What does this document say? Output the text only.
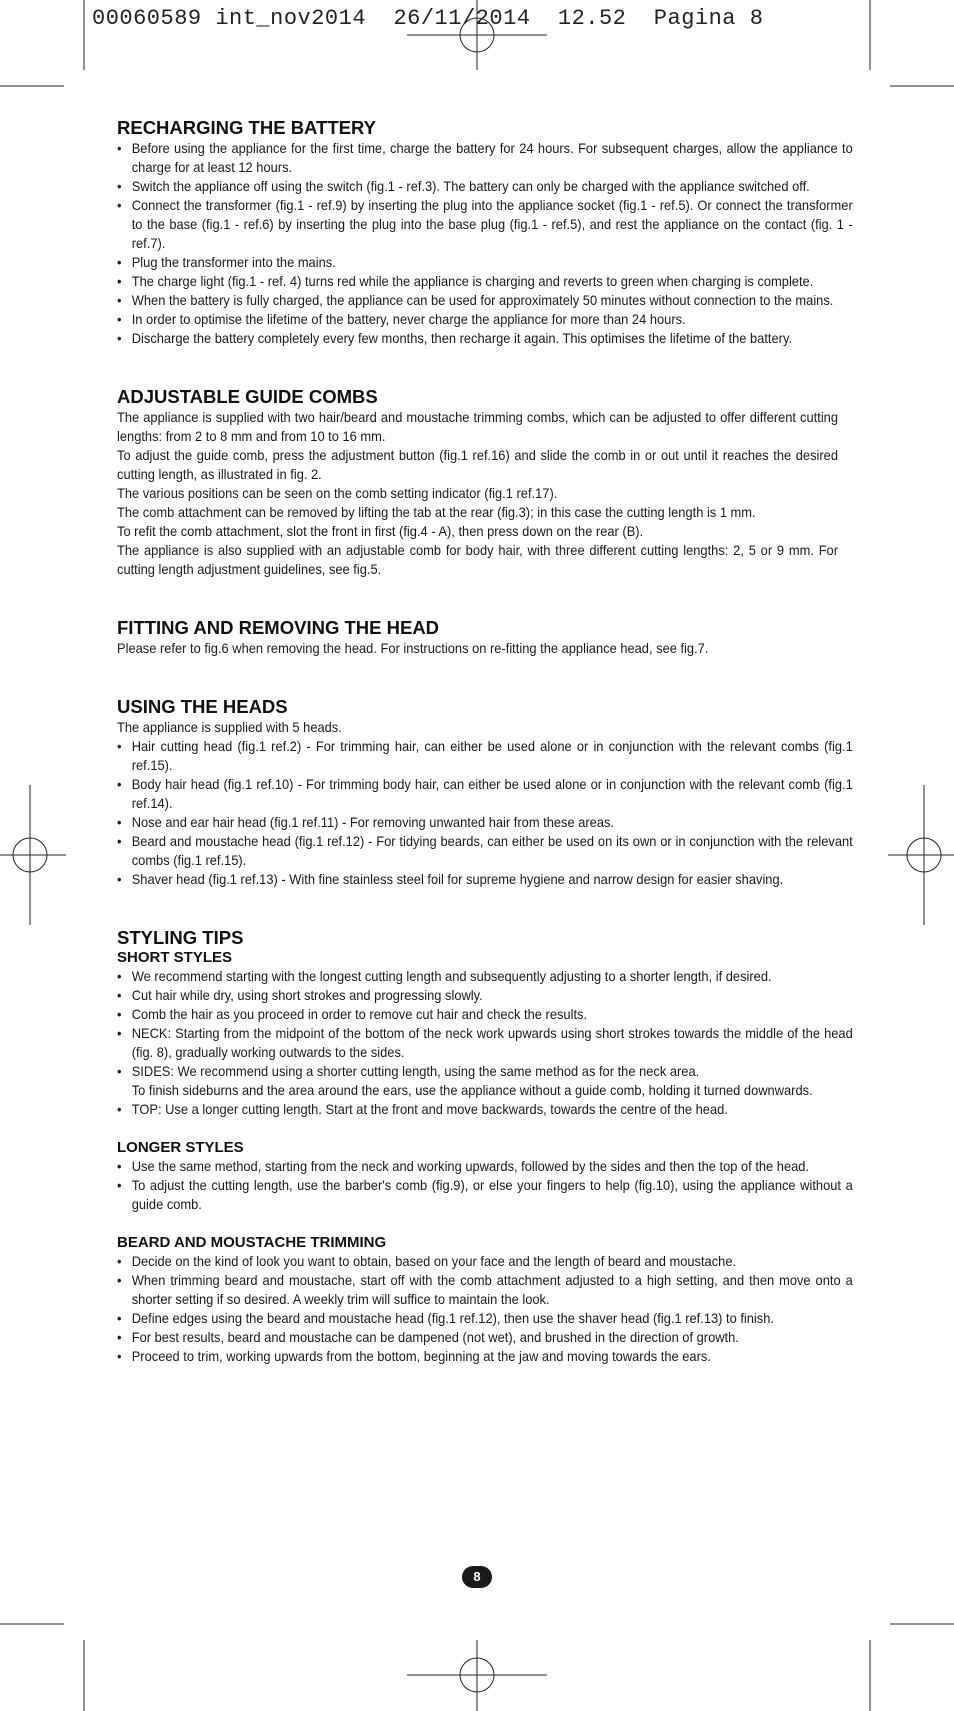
00060589 int_nov2014  26/11/2014  12.52  Pagina 8
RECHARGING THE BATTERY
• Before using the appliance for the first time, charge the battery for 24 hours. For subsequent charges, allow the appliance to charge for at least 12 hours.
• Switch the appliance off using the switch (fig.1 - ref.3). The battery can only be charged with the appliance switched off.
• Connect the transformer (fig.1 - ref.9) by inserting the plug into the appliance socket (fig.1 - ref.5). Or connect the transformer to the base (fig.1 - ref.6) by inserting the plug into the base plug (fig.1 - ref.5), and rest the appliance on the contact (fig. 1 - ref.7).
• Plug the transformer into the mains.
• The charge light (fig.1 - ref. 4) turns red while the appliance is charging and reverts to green when charging is complete.
• When the battery is fully charged, the appliance can be used for approximately 50 minutes without connection to the mains.
• In order to optimise the lifetime of the battery, never charge the appliance for more than 24 hours.
• Discharge the battery completely every few months, then recharge it again. This optimises the lifetime of the battery.
ADJUSTABLE GUIDE COMBS

The appliance is supplied with two hair/beard and moustache trimming combs, which can be adjusted to offer different cutting lengths: from 2 to 8 mm and from 10 to 16 mm.

To adjust the guide comb, press the adjustment button (fig.1 ref.16) and slide the comb in or out until it reaches the desired cutting length, as illustrated in fig. 2.

The various positions can be seen on the comb setting indicator (fig.1 ref.17).

The comb attachment can be removed by lifting the tab at the rear (fig.3); in this case the cutting length is 1 mm.

To refit the comb attachment, slot the front in first (fig.4 - A), then press down on the rear (B).

The appliance is also supplied with an adjustable comb for body hair, with three different cutting lengths: 2, 5 or 9 mm. For cutting length adjustment guidelines, see fig.5.

FITTING AND REMOVING THE HEAD

Please refer to fig.6 when removing the head. For instructions on re-fitting the appliance head, see fig.7.

USING THE HEADS

The appliance is supplied with 5 heads.

• Hair cutting head (fig.1 ref.2) - For trimming hair, can either be used alone or in conjunction with the relevant combs (fig.1 ref.15).
• Body hair head (fig.1 ref.10) - For trimming body hair, can either be used alone or in conjunction with the relevant comb (fig.1 ref.14).
• Nose and ear hair head (fig.1 ref.11) - For removing unwanted hair from these areas.
• Beard and moustache head (fig.1 ref.12) - For tidying beards, can either be used on its own or in conjunction with the relevant combs (fig.1 ref.15).
• Shaver head (fig.1 ref.13) - With fine stainless steel foil for supreme hygiene and narrow design for easier shaving.
STYLING TIPS
SHORT STYLES
• We recommend starting with the longest cutting length and subsequently adjusting to a shorter length, if desired.
• Cut hair while dry, using short strokes and progressing slowly.
• Comb the hair as you proceed in order to remove cut hair and check the results.
• NECK: Starting from the midpoint of the bottom of the neck work upwards using short strokes towards the middle of the head (fig. 8), gradually working outwards to the sides.
• SIDES: We recommend using a shorter cutting length, using the same method as for the neck area.

To finish sideburns and the area around the ears, use the appliance without a guide comb, holding it turned downwards.

• TOP: Use a longer cutting length. Start at the front and move backwards, towards the centre of the head.
LONGER STYLES
• Use the same method, starting from the neck and working upwards, followed by the sides and then the top of the head.
• To adjust the cutting length, use the barber's comb (fig.9), or else your fingers to help (fig.10), using the appliance without a guide comb.
BEARD AND MOUSTACHE TRIMMING
• Decide on the kind of look you want to obtain, based on your face and the length of beard and moustache.
• When trimming beard and moustache, start off with the comb attachment adjusted to a high setting, and then move onto a shorter setting if so desired. A weekly trim will suffice to maintain the look.
• Define edges using the beard and moustache head (fig.1 ref.12), then use the shaver head (fig.1 ref.13) to finish.
• For best results, beard and moustache can be dampened (not wet), and brushed in the direction of growth.
• Proceed to trim, working upwards from the bottom, beginning at the jaw and moving towards the ears.
8
